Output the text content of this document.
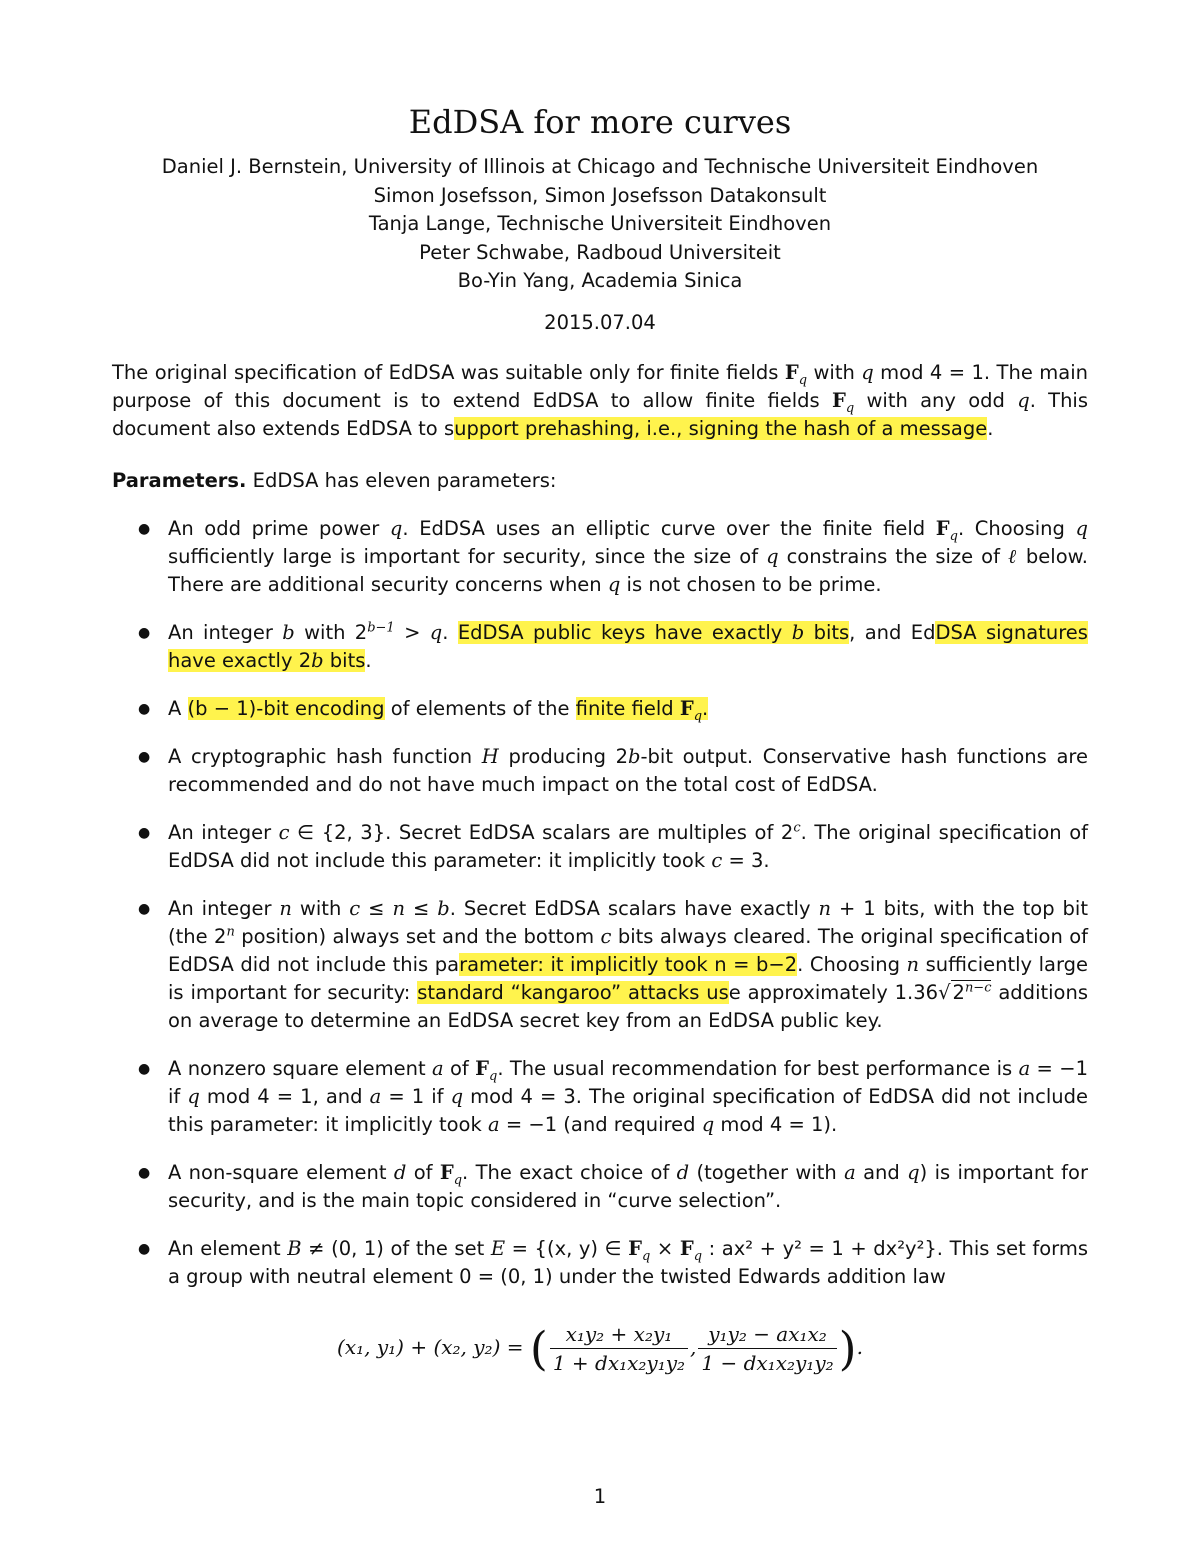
EdDSA for more curves
Daniel J. Bernstein, University of Illinois at Chicago and Technische Universiteit Eindhoven
Simon Josefsson, Simon Josefsson Datakonsult
Tanja Lange, Technische Universiteit Eindhoven
Peter Schwabe, Radboud Universiteit
Bo-Yin Yang, Academia Sinica
2015.07.04

The original specification of EdDSA was suitable only for finite fields $F_q$ with q mod 4 = 1. The main purpose of this document is to extend EdDSA to allow finite fields $F_q$ with any odd q. This document also extends EdDSA to support prehashing, i.e., signing the hash of a message.

Parameters. EdDSA has eleven parameters:

● An odd prime power q. EdDSA uses an elliptic curve over the finite field $F_q$. Choosing q sufficiently large is important for security, since the size of q constrains the size of ℓ below. There are additional security concerns when q is not chosen to be prime.
● An integer b with $2^{b-1} > q$. EdDSA public keys have exactly b bits, and EdDSA signatures have exactly 2b bits.
● A (b − 1)-bit encoding of elements of the finite field $F_q$.
● A cryptographic hash function H producing 2b-bit output. Conservative hash functions are recommended and do not have much impact on the total cost of EdDSA.
● An integer c ∈ {2, 3}. Secret EdDSA scalars are multiples of 2$^c$. The original specification of EdDSA did not include this parameter: it implicitly took c = 3.
● An integer n with c ≤ n ≤ b. Secret EdDSA scalars have exactly n + 1 bits, with the top bit (the 2$^n$ position) always set and the bottom c bits always cleared. The original specification of EdDSA did not include this parameter: it implicitly took n = b−2. Choosing n sufficiently large is important for security: standard “kangaroo” attacks use approximately 1.36√ $2^{n-c}$ additions on average to determine an EdDSA secret key from an EdDSA public key.
● A nonzero square element a of $F_q$. The usual recommendation for best performance is a = −1 if q mod 4 = 1, and a = 1 if q mod 4 = 3. The original specification of EdDSA did not include this parameter: it implicitly took a = −1 (and required q mod 4 = 1).
● A non-square element d of $F_q$. The exact choice of d (together with a and q) is important for security, and is the main topic considered in “curve selection”.
● An element B ≠ (0, 1) of the set E = {(x, y) ∈ $F_q \times F_q$ : ax² + y² = 1 + dx²y²}. This set forms a group with neutral element 0 = (0, 1) under the twisted Edwards addition law
(x₁, y₁) + (x₂, y₂) = ( $\frac{\text{x₁y₂ + x₂y₁}}{\text{1 + dx₁x₂y₁y₂}}$ , $\frac{\text{y₁y₂ − ax₁x₂}}{\text{1 − dx₁x₂y₁y₂}}$ ).
1
